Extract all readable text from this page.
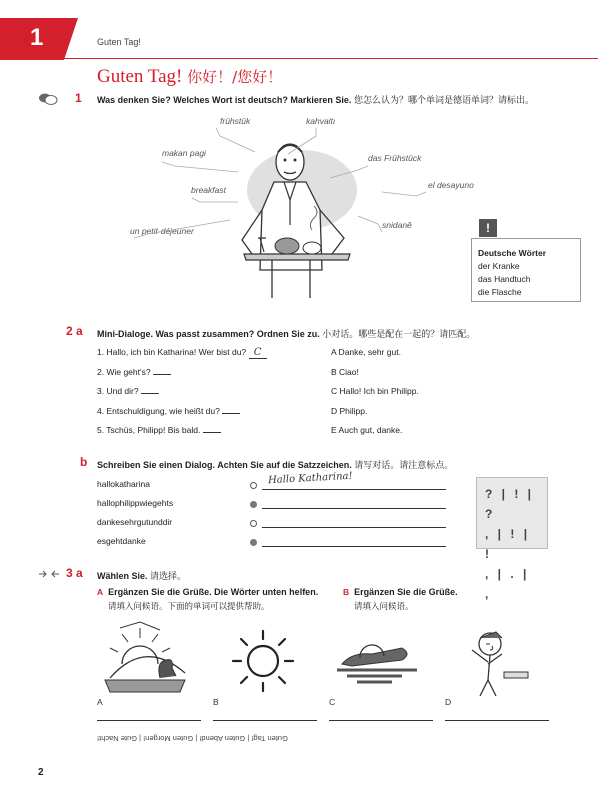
1	Guten Tag!
Guten Tag! 你好！/您好！
1 Was denken Sie? Welches Wort ist deutsch? Markieren Sie. 您怎么认为？哪个单词是德语单词？请标出。
frühstük	kahvaltı
makan pagi	das Frühstück
breakfast	el desayuno
un petit-déjeuner
snidanĕ
Deutsche Wörter
der Kranke
das Handtuch
die Flasche
!
2 a Mini-Dialoge. Was passt zusammen? Ordnen Sie zu. 小对话。哪些是配在一起的？请匹配。
1. Hallo, ich bin Katharina! Wer bist du? C
2. Wie geht's?
3. Und dir?
4. Entschuldigung, wie heißt du?
5. Tschüs, Philipp! Bis bald.
A Danke, sehr gut.
B Ciao!
C Hallo! Ich bin Philipp.
D Philipp.
E Auch gut, danke.
b Schreiben Sie einen Dialog. Achten Sie auf die Satzzeichen. 请写对话。请注意标点。
hallokatharina
hallophilippwiegehts
dankesehrgutunddir
esgehtdanke
Hallo Katharina!
? | ! | ?
, | ! | !
, | . | ,
3 a Wählen Sie. 请选择。
A Ergänzen Sie die Grüße. Die Wörter unten helfen.
请填入问候语。下面的单词可以提供帮助。
B Ergänzen Sie die Grüße.
请填入问候语。
A	B	C	D
Guten Tag! | Guten Abend! | Guten Morgen! | Gute Nacht!
2
